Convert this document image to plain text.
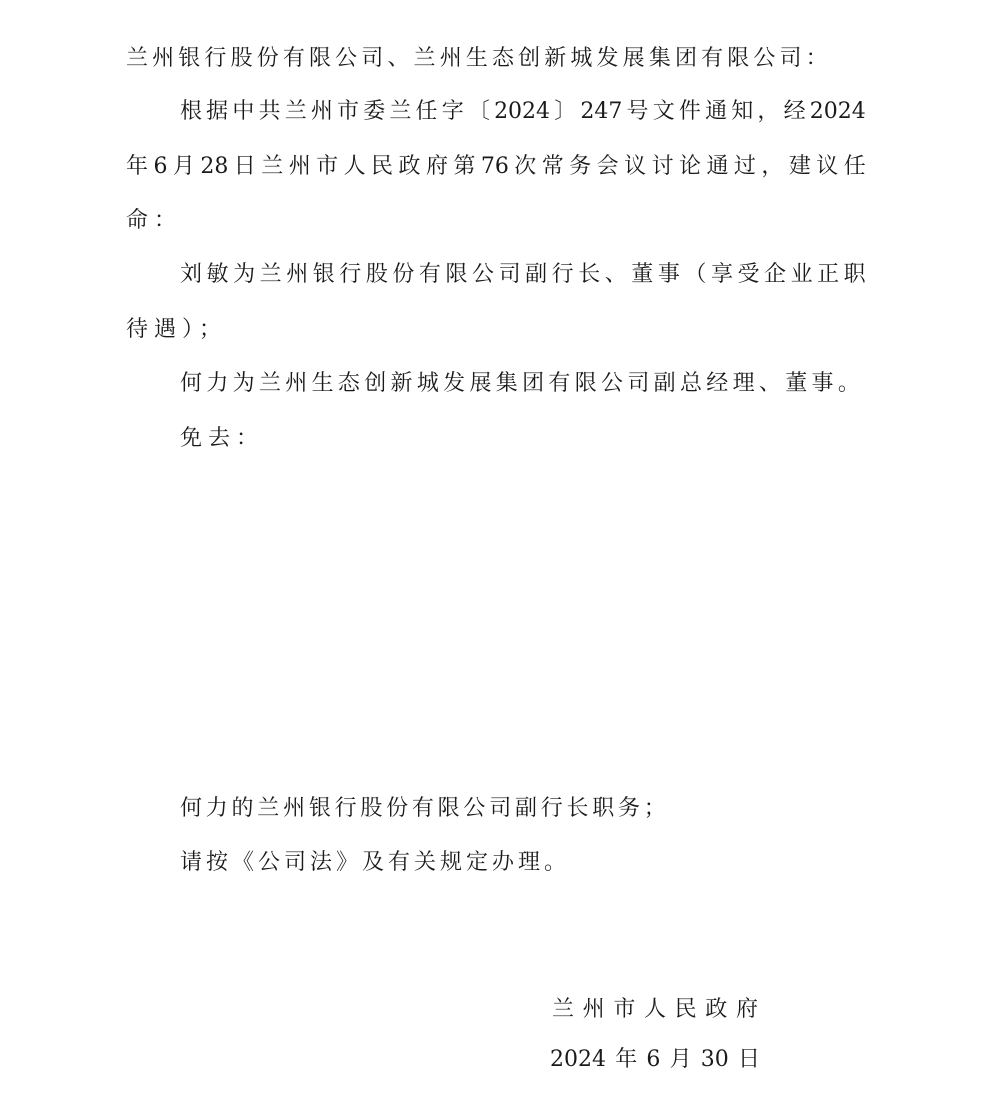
兰 州 银 行 股 份 有 限 公 司 、 兰 州 生 态 创 新 城 发 展 集 团 有 限 公 司 ：
根 据 中 共 兰 州 市 委 兰 任 字 〔 2024 〕 247 号 文 件 通 知 ， 经 2024
年 6 月 28 日 兰 州 市 人 民 政 府 第 76 次 常 务 会 议 讨 论 通 过 ， 建 议 任
命：
刘 敏 为 兰 州 银 行 股 份 有 限 公 司 副 行 长 、 董 事 （ 享 受 企 业 正 职
待遇）；
何 力 为 兰 州 生 态 创 新 城 发 展 集 团 有 限 公 司 副 总 经 理 、 董 事 。
免去：
何 力 的 兰 州 银 行 股 份 有 限 公 司 副 行 长 职 务 ；
请按《公司法》及有关规定办理。
兰 州 市 人 民 政 府
2024 年 6 月 30 日
